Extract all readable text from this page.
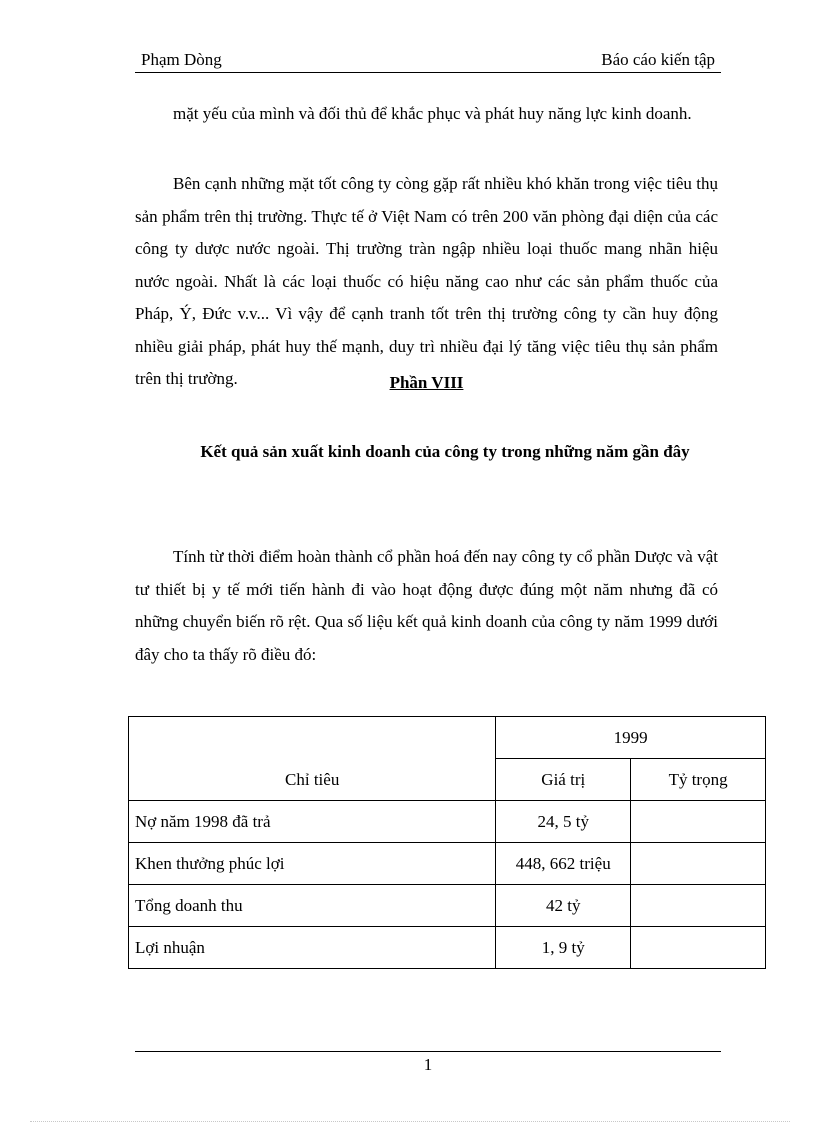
Phạm Dòng	Báo cáo kiến tập

mặt yếu của mình và đối thủ để khắc phục và phát huy năng lực kinh doanh.

Bên cạnh những mặt tốt công ty còng gặp rất nhiều khó khăn trong việc tiêu thụ sản phẩm trên thị trường. Thực tế ở Việt Nam có trên 200 văn phòng đại diện của các công ty dược nước ngoài. Thị trường tràn ngập nhiều loại thuốc mang nhãn hiệu nước ngoài. Nhất là các loại thuốc có hiệu năng cao như các sản phẩm thuốc của Pháp, Ý, Đức v.v... Vì vậy để cạnh tranh tốt trên thị trường công ty cần huy động nhiều giải pháp, phát huy thế mạnh, duy trì nhiều đại lý tăng việc tiêu thụ sản phẩm trên thị trường.	Phần VIII
Kết quả sản xuất kinh doanh của công ty trong những năm gần đây

Tính từ thời điểm hoàn thành cổ phần hoá đến nay công ty cổ phần Dược và vật tư thiết bị y tế mới tiến hành đi vào hoạt động được đúng một năm nhưng đã có những chuyển biến rõ rệt. Qua số liệu kết quả kinh doanh của công ty năm 1999 dưới đây cho ta thấy rõ điều đó:

Chỉ tiêu	1999	
	Giá trị	Tỷ trọng
Nợ năm 1998 đã trả	24, 5 tỷ	
Khen thưởng phúc lợi	448, 662 triệu	
Tổng doanh thu	42 tỷ	
Lợi nhuận	1, 9 tỷ	
1
